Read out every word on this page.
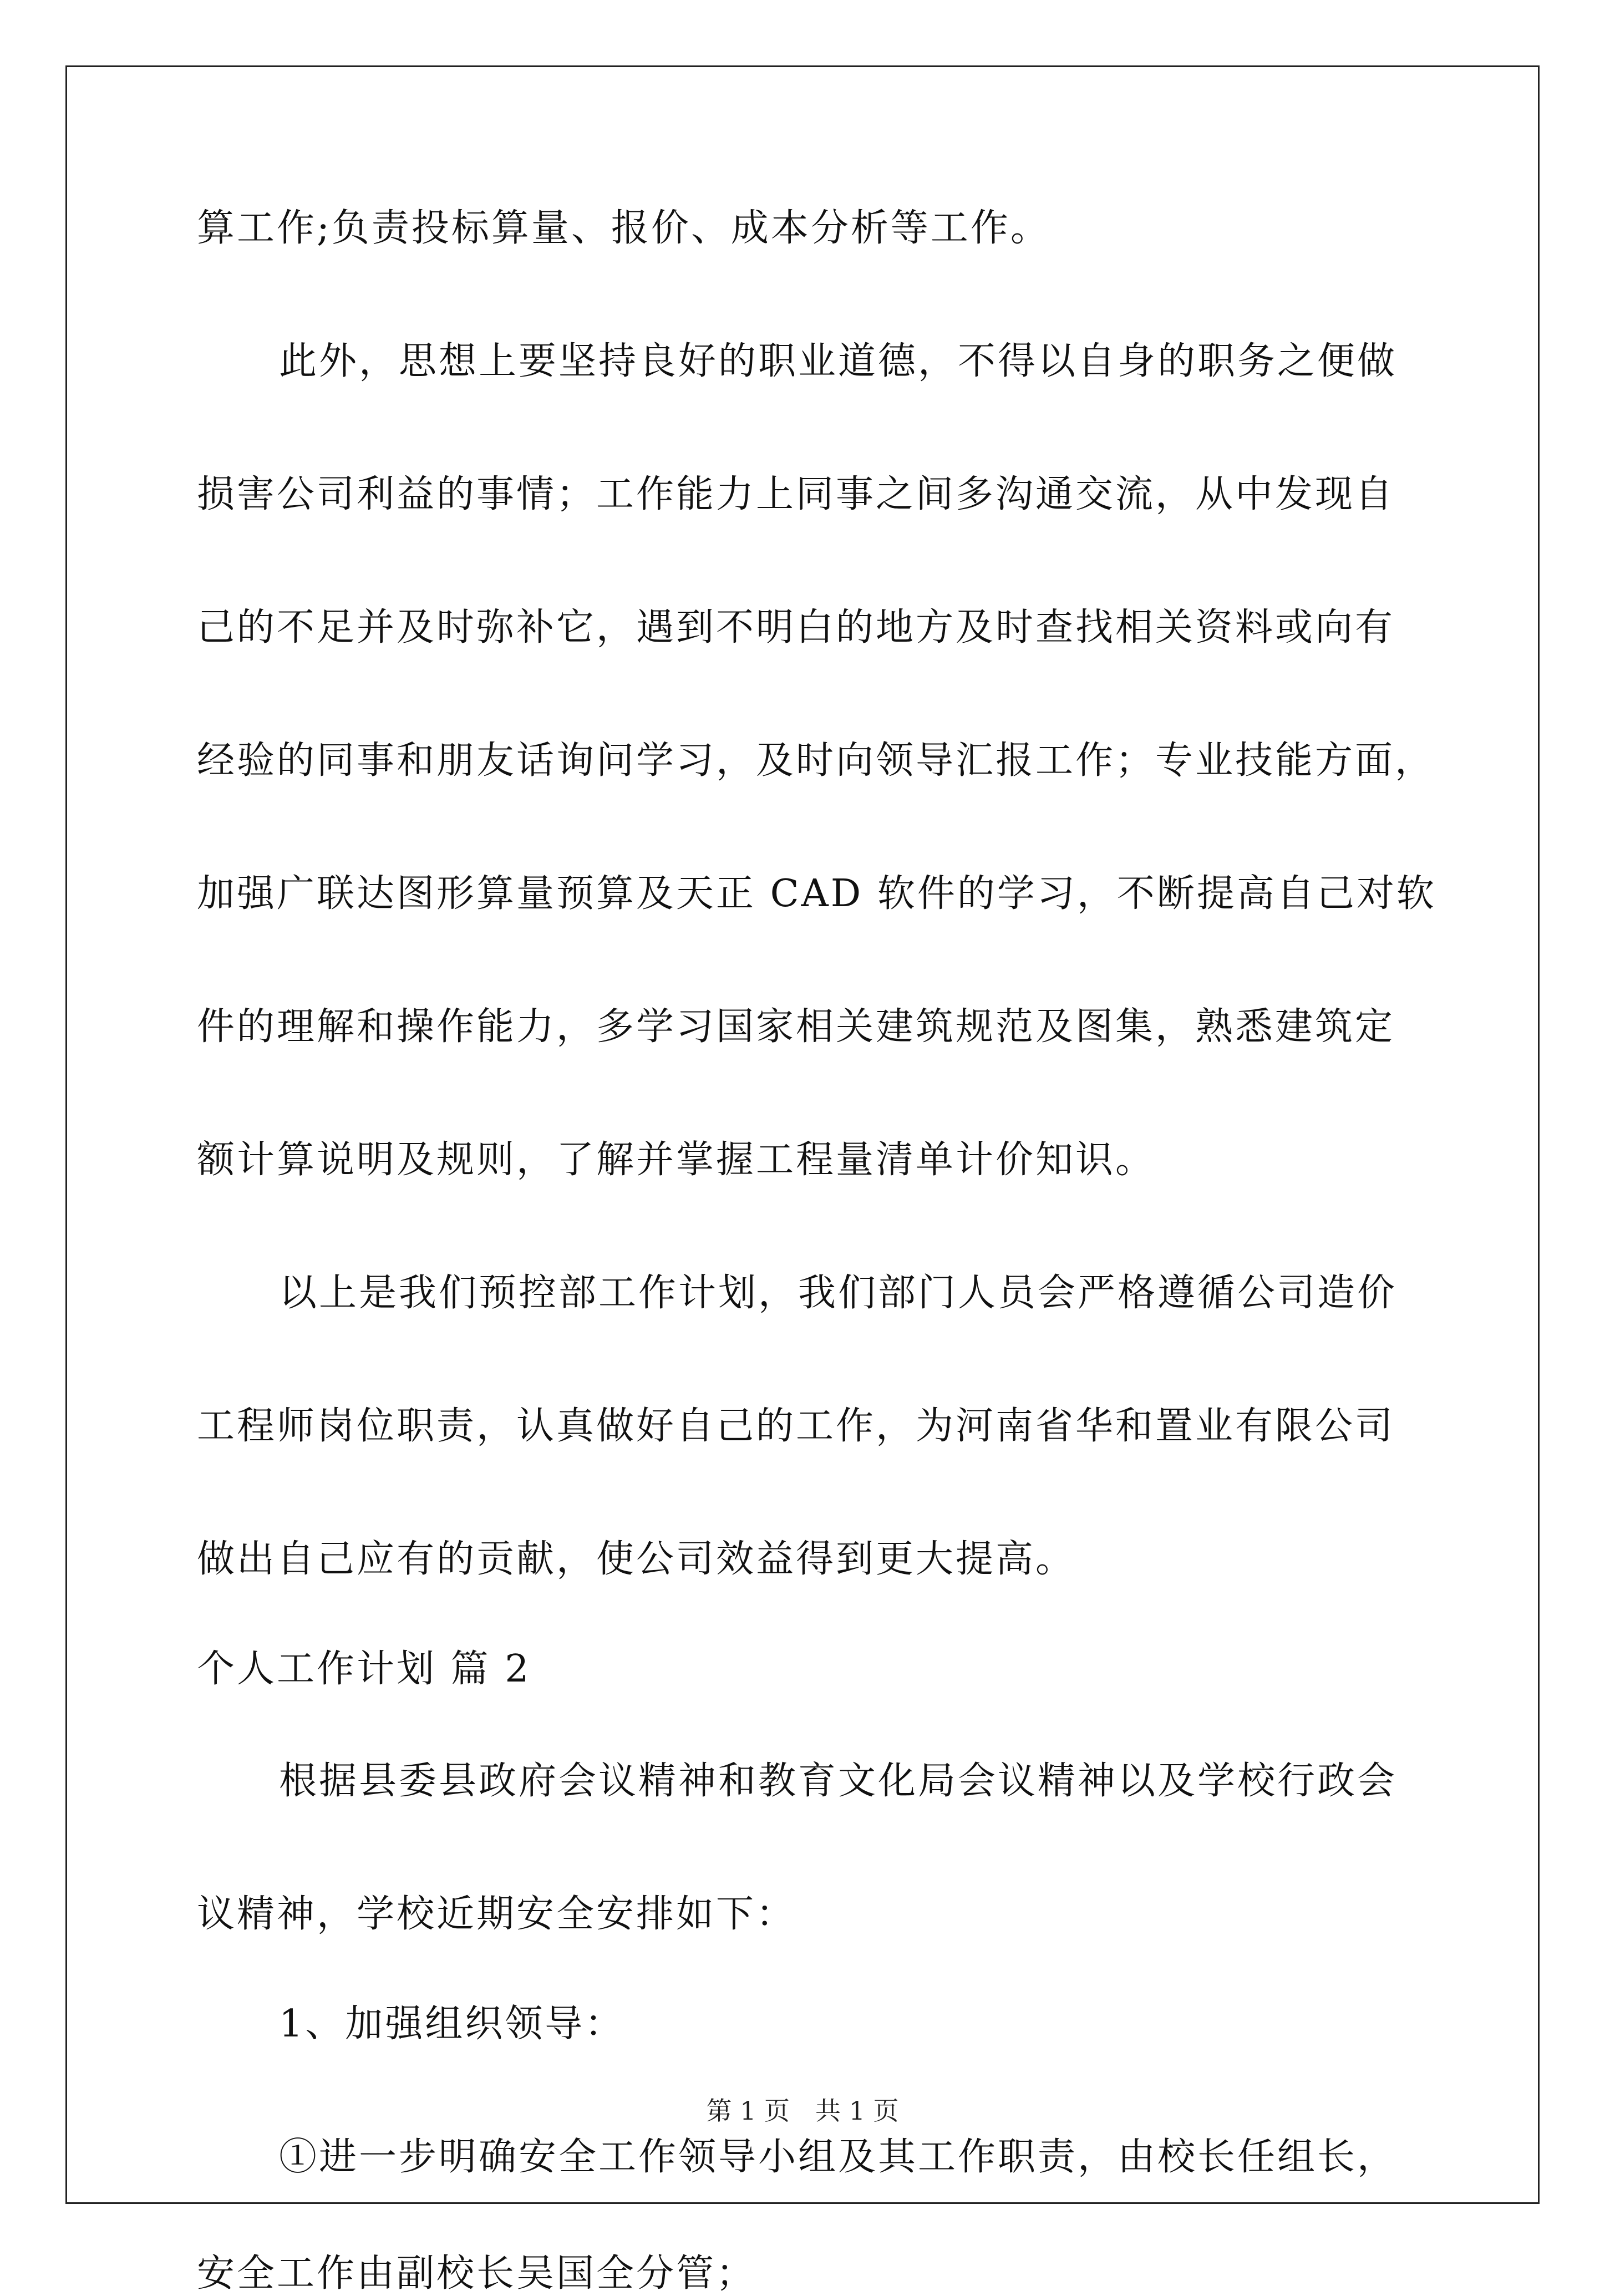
算工作;负责投标算量、报价、成本分析等工作。
此外，思想上要坚持良好的职业道德，不得以自身的职务之便做
损害公司利益的事情；工作能力上同事之间多沟通交流，从中发现自
己的不足并及时弥补它，遇到不明白的地方及时查找相关资料或向有
经验的同事和朋友话询问学习，及时向领导汇报工作；专业技能方面，
加强广联达图形算量预算及天正 CAD 软件的学习，不断提高自己对软
件的理解和操作能力，多学习国家相关建筑规范及图集，熟悉建筑定
额计算说明及规则，了解并掌握工程量清单计价知识。
以上是我们预控部工作计划，我们部门人员会严格遵循公司造价
工程师岗位职责，认真做好自己的工作，为河南省华和置业有限公司
做出自己应有的贡献，使公司效益得到更大提高。
个人工作计划 篇 2
根据县委县政府会议精神和教育文化局会议精神以及学校行政会
议精神，学校近期安全安排如下：
1、加强组织领导：
①进一步明确安全工作领导小组及其工作职责，由校长任组长，
安全工作由副校长吴国全分管；
第 1 页　共 1 页
